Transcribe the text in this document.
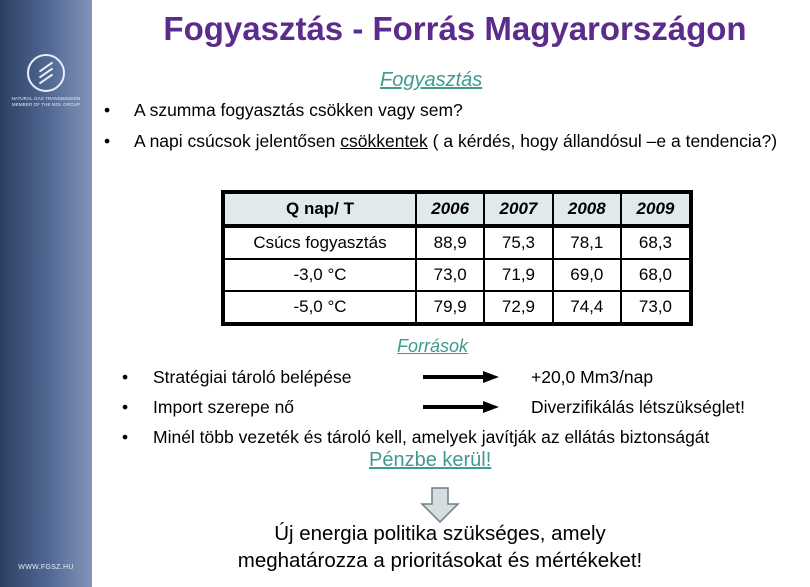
NATURAL GAS TRANSMISSION MEMBER OF THE MOL GROUP
WWW.FGSZ.HU
Fogyasztás - Forrás Magyarországon
Fogyasztás
• A szumma fogyasztás csökken vagy sem?
• A napi csúcsok jelentősen csökkentek ( a kérdés, hogy állandósul –e a tendencia?)
Q nap/ T	2006	2007	2008	2009
Csúcs fogyasztás	88,9	75,3	78,1	68,3
-3,0 °C	73,0	71,9	69,0	68,0
-5,0 °C	79,9	72,9	74,4	73,0
Források
• Stratégiai tároló belépése	+20,0 Mm3/nap
• Import szerepe nő	Diverzifikálás létszükséglet!
• Minél több vezeték és tároló kell, amelyek javítják az ellátás biztonságát
Pénzbe kerül!

Új energia politika szükséges, amely
meghatározza a prioritásokat és mértékeket!
